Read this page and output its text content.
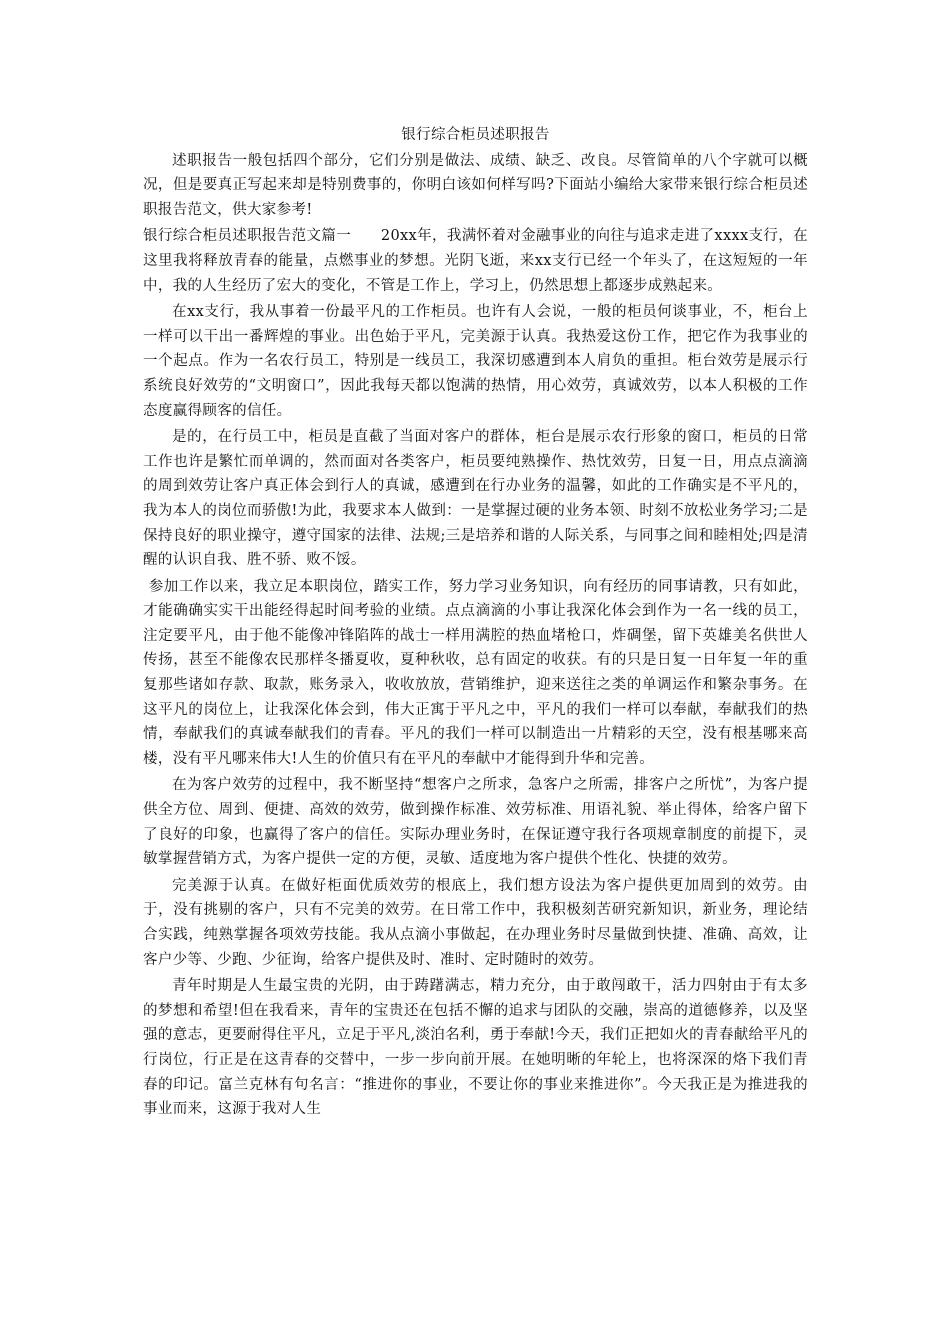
银行综合柜员述职报告

述职报告一般包括四个部分，它们分别是做法、成绩、缺乏、改良。尽管简单的八个字就可以概况，但是要真正写起来却是特别费事的，你明白该如何样写吗?下面站小编给大家带来银行综合柜员述职报告范文，供大家参考!

银行综合柜员述职报告范文篇一　　20xx年，我满怀着对金融事业的向往与追求走进了xxxx支行，在这里我将释放青春的能量，点燃事业的梦想。光阴飞逝，来xx支行已经一个年头了，在这短短的一年中，我的人生经历了宏大的变化，不管是工作上，学习上，仍然思想上都逐步成熟起来。

在xx支行，我从事着一份最平凡的工作柜员。也许有人会说，一般的柜员何谈事业，不，柜台上一样可以干出一番辉煌的事业。出色始于平凡，完美源于认真。我热爱这份工作，把它作为我事业的一个起点。作为一名农行员工，特别是一线员工，我深切感遭到本人肩负的重担。柜台效劳是展示行系统良好效劳的“文明窗口”，因此我每天都以饱满的热情，用心效劳，真诚效劳，以本人积极的工作态度赢得顾客的信任。

是的，在行员工中，柜员是直截了当面对客户的群体，柜台是展示农行形象的窗口，柜员的日常工作也许是繁忙而单调的，然而面对各类客户，柜员要纯熟操作、热忱效劳，日复一日，用点点滴滴的周到效劳让客户真正体会到行人的真诚，感遭到在行办业务的温馨，如此的工作确实是不平凡的，我为本人的岗位而骄傲!为此，我要求本人做到：一是掌握过硬的业务本领、时刻不放松业务学习;二是保持良好的职业操守，遵守国家的法律、法规;三是培养和谐的人际关系，与同事之间和睦相处;四是清醒的认识自我、胜不骄、败不馁。

参加工作以来，我立足本职岗位，踏实工作，努力学习业务知识，向有经历的同事请教，只有如此，才能确确实实干出能经得起时间考验的业绩。点点滴滴的小事让我深化体会到作为一名一线的员工，注定要平凡，由于他不能像冲锋陷阵的战士一样用满腔的热血堵枪口，炸碉堡，留下英雄美名供世人传扬，甚至不能像农民那样冬播夏收，夏种秋收，总有固定的收获。有的只是日复一日年复一年的重复那些诸如存款、取款，账务录入，收收放放，营销维护，迎来送往之类的单调运作和繁杂事务。在这平凡的岗位上，让我深化体会到，伟大正寓于平凡之中，平凡的我们一样可以奉献，奉献我们的热情，奉献我们的真诚奉献我们的青春。平凡的我们一样可以制造出一片精彩的天空，没有根基哪来高楼，没有平凡哪来伟大!人生的价值只有在平凡的奉献中才能得到升华和完善。

在为客户效劳的过程中，我不断坚持“想客户之所求，急客户之所需，排客户之所忧”，为客户提供全方位、周到、便捷、高效的效劳，做到操作标准、效劳标准、用语礼貌、举止得体，给客户留下了良好的印象，也赢得了客户的信任。实际办理业务时，在保证遵守我行各项规章制度的前提下，灵敏掌握营销方式，为客户提供一定的方便，灵敏、适度地为客户提供个性化、快捷的效劳。

完美源于认真。在做好柜面优质效劳的根底上，我们想方设法为客户提供更加周到的效劳。由于，没有挑剔的客户，只有不完美的效劳。在日常工作中，我积极刻苦研究新知识，新业务，理论结合实践，纯熟掌握各项效劳技能。我从点滴小事做起，在办理业务时尽量做到快捷、准确、高效，让客户少等、少跑、少征询，给客户提供及时、准时、定时随时的效劳。

青年时期是人生最宝贵的光阴，由于踌躇满志，精力充分，由于敢闯敢干，活力四射由于有太多的梦想和希望!但在我看来，青年的宝贵还在包括不懈的追求与团队的交融，崇高的道德修养，以及坚强的意志，更要耐得住平凡，立足于平凡,淡泊名利，勇于奉献!今天，我们正把如火的青春献给平凡的行岗位，行正是在这青春的交替中，一步一步向前开展。在她明晰的年轮上，也将深深的烙下我们青春的印记。富兰克林有句名言：“推进你的事业，不要让你的事业来推进你”。今天我正是为推进我的事业而来，这源于我对人生
